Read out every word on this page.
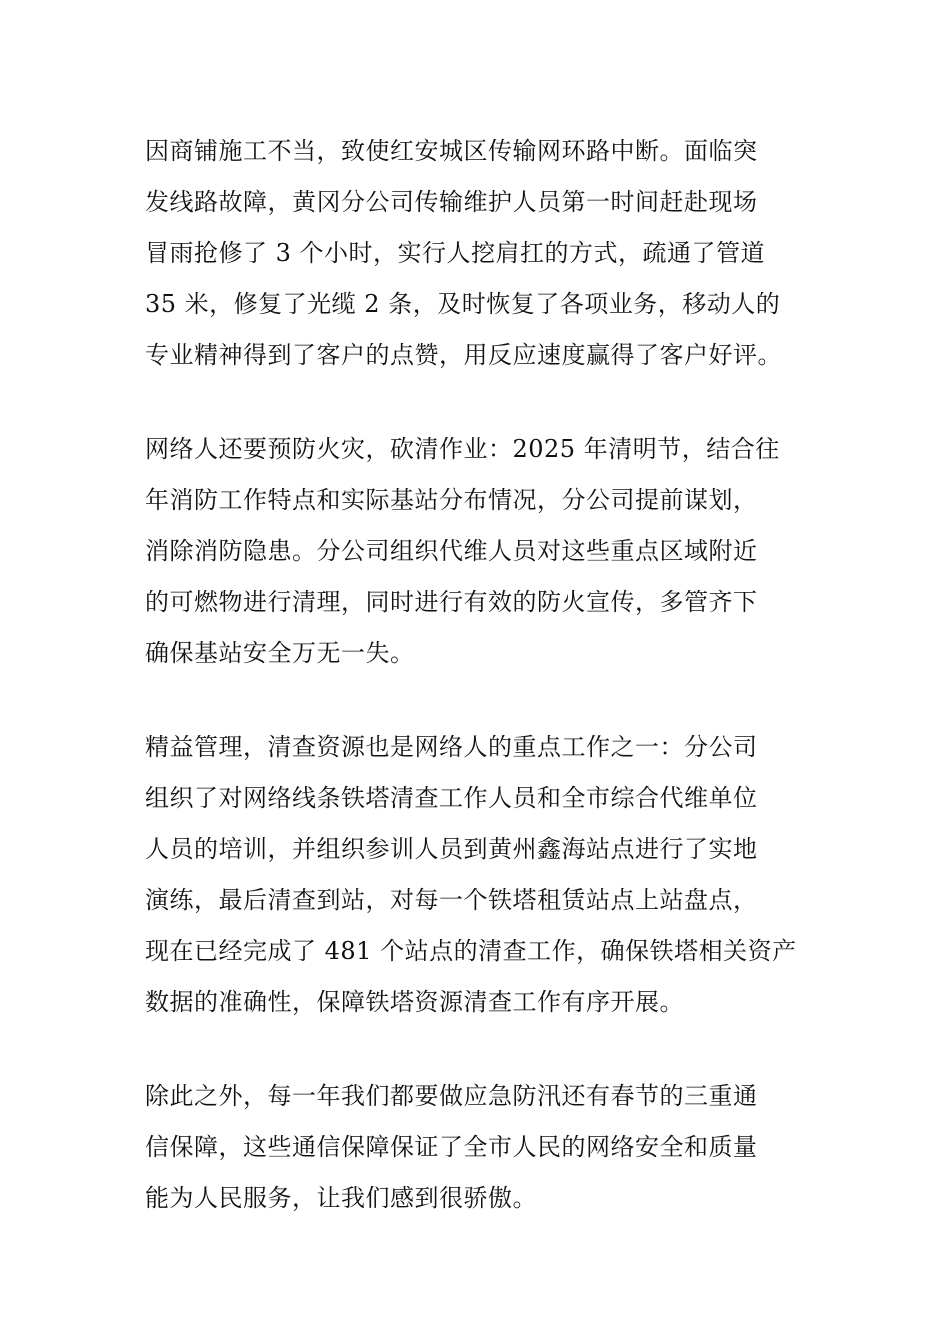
因商铺施工不当，致使红安城区传输网环路中断。面临突
发线路故障，黄冈分公司传输维护人员第一时间赶赴现场
冒雨抢修了 3 个小时，实行人挖肩扛的方式，疏通了管道
35 米，修复了光缆 2 条，及时恢复了各项业务，移动人的
专业精神得到了客户的点赞，用反应速度赢得了客户好评。

网络人还要预防火灾，砍清作业：2025 年清明节，结合往
年消防工作特点和实际基站分布情况，分公司提前谋划，
消除消防隐患。分公司组织代维人员对这些重点区域附近
的可燃物进行清理，同时进行有效的防火宣传，多管齐下
确保基站安全万无一失。

精益管理，清查资源也是网络人的重点工作之一：分公司
组织了对网络线条铁塔清查工作人员和全市综合代维单位
人员的培训，并组织参训人员到黄州鑫海站点进行了实地
演练，最后清查到站，对每一个铁塔租赁站点上站盘点，
现在已经完成了 481 个站点的清查工作，确保铁塔相关资产
数据的准确性，保障铁塔资源清查工作有序开展。

除此之外，每一年我们都要做应急防汛还有春节的三重通
信保障，这些通信保障保证了全市人民的网络安全和质量
能为人民服务，让我们感到很骄傲。
